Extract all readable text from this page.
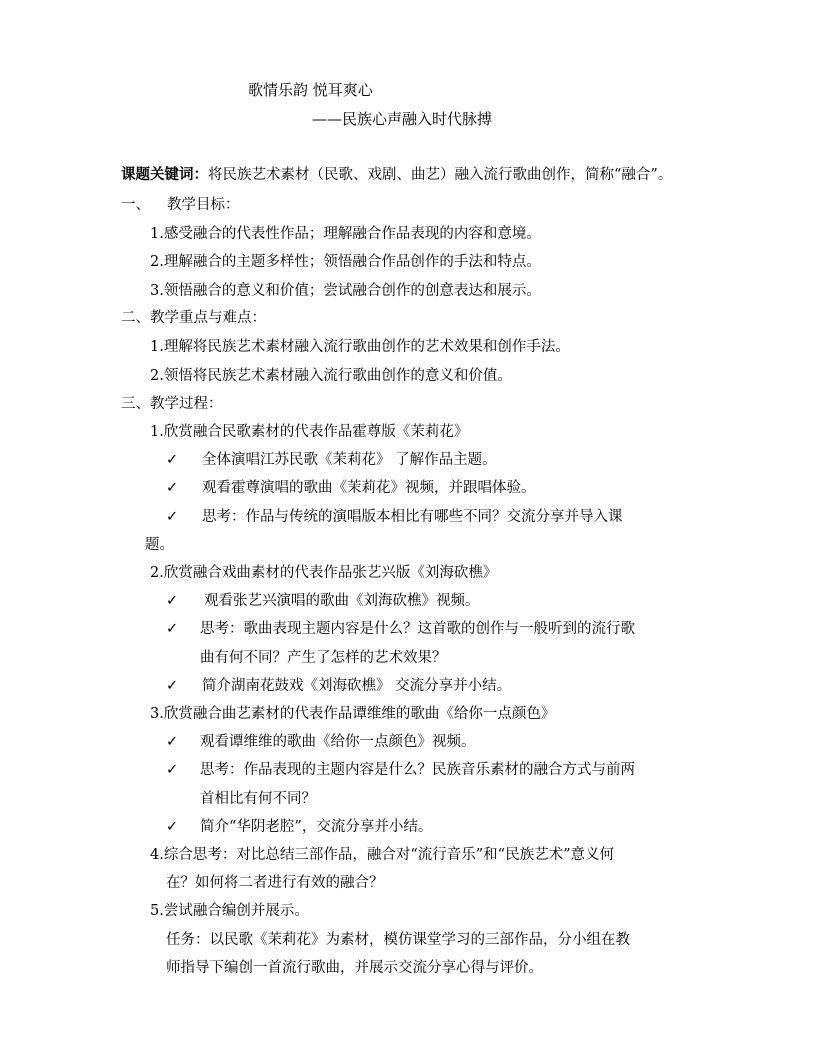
歌情乐韵 悦耳爽心
——民族心声融入时代脉搏
课题关键词：将民族艺术素材（民歌、戏剧、曲艺）融入流行歌曲创作，简称“融合”。
一、 教学目标：
1.感受融合的代表性作品；理解融合作品表现的内容和意境。
2.理解融合的主题多样性；领悟融合作品创作的手法和特点。
3.领悟融合的意义和价值；尝试融合创作的创意表达和展示。
二、教学重点与难点：
1.理解将民族艺术素材融入流行歌曲创作的艺术效果和创作手法。
2.领悟将民族艺术素材融入流行歌曲创作的意义和价值。
三、教学过程：
1.欣赏融合民歌素材的代表作品霍尊版《茉莉花》
✓ 全体演唱江苏民歌《茉莉花》 了解作品主题。
✓ 观看霍尊演唱的歌曲《茉莉花》视频，并跟唱体验。
✓ 思考：作品与传统的演唱版本相比有哪些不同？交流分享并导入课
题。
2.欣赏融合戏曲素材的代表作品张艺兴版《刘海砍樵》
✓ 观看张艺兴演唱的歌曲《刘海砍樵》视频。
✓ 思考：歌曲表现主题内容是什么？这首歌的创作与一般听到的流行歌
曲有何不同？产生了怎样的艺术效果？
✓ 简介湖南花鼓戏《刘海砍樵》 交流分享并小结。
3.欣赏融合曲艺素材的代表作品谭维维的歌曲《给你一点颜色》
✓ 观看谭维维的歌曲《给你一点颜色》视频。
✓ 思考：作品表现的主题内容是什么？民族音乐素材的融合方式与前两
首相比有何不同？
✓ 简介“华阴老腔”，交流分享并小结。
4.综合思考：对比总结三部作品，融合对“流行音乐”和“民族艺术”意义何
在？如何将二者进行有效的融合？
5.尝试融合编创并展示。
任务：以民歌《茉莉花》为素材，模仿课堂学习的三部作品，分小组在教
师指导下编创一首流行歌曲，并展示交流分享心得与评价。
